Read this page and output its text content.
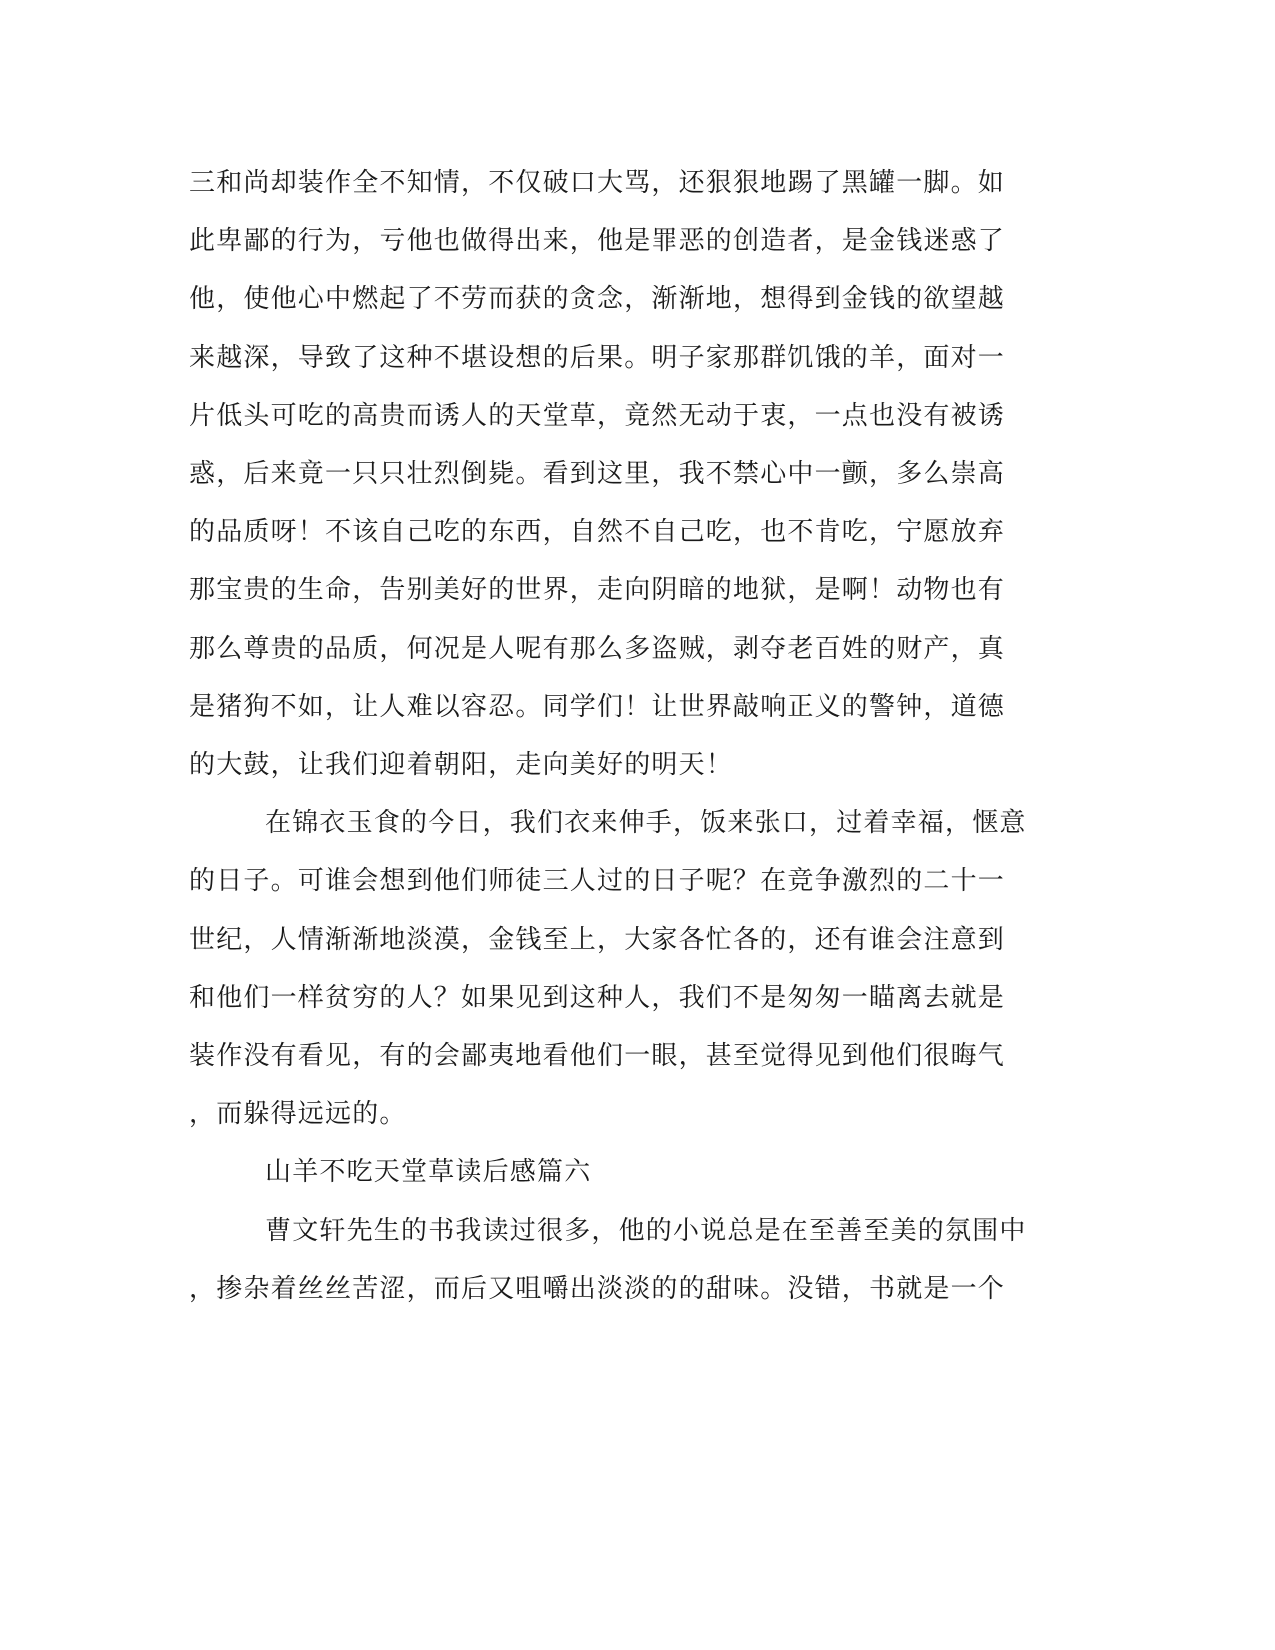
三和尚却装作全不知情，不仅破口大骂，还狠狠地踢了黑罐一脚。如
此卑鄙的行为，亏他也做得出来，他是罪恶的创造者，是金钱迷惑了
他，使他心中燃起了不劳而获的贪念，渐渐地，想得到金钱的欲望越
来越深，导致了这种不堪设想的后果。明子家那群饥饿的羊，面对一
片低头可吃的高贵而诱人的天堂草，竟然无动于衷，一点也没有被诱
惑，后来竟一只只壮烈倒毙。看到这里，我不禁心中一颤，多么崇高
的品质呀！不该自己吃的东西，自然不自己吃，也不肯吃，宁愿放弃
那宝贵的生命，告别美好的世界，走向阴暗的地狱，是啊！动物也有
那么尊贵的品质，何况是人呢有那么多盗贼，剥夺老百姓的财产，真
是猪狗不如，让人难以容忍。同学们！让世界敲响正义的警钟，道德
的大鼓，让我们迎着朝阳，走向美好的明天！
在锦衣玉食的今日，我们衣来伸手，饭来张口，过着幸福，惬意
的日子。可谁会想到他们师徒三人过的日子呢？在竞争激烈的二十一
世纪，人情渐渐地淡漠，金钱至上，大家各忙各的，还有谁会注意到
和他们一样贫穷的人？如果见到这种人，我们不是匆匆一瞄离去就是
装作没有看见，有的会鄙夷地看他们一眼，甚至觉得见到他们很晦气
，而躲得远远的。
山羊不吃天堂草读后感篇六
曹文轩先生的书我读过很多，他的小说总是在至善至美的氛围中
，掺杂着丝丝苦涩，而后又咀嚼出淡淡的的甜味。没错，书就是一个
